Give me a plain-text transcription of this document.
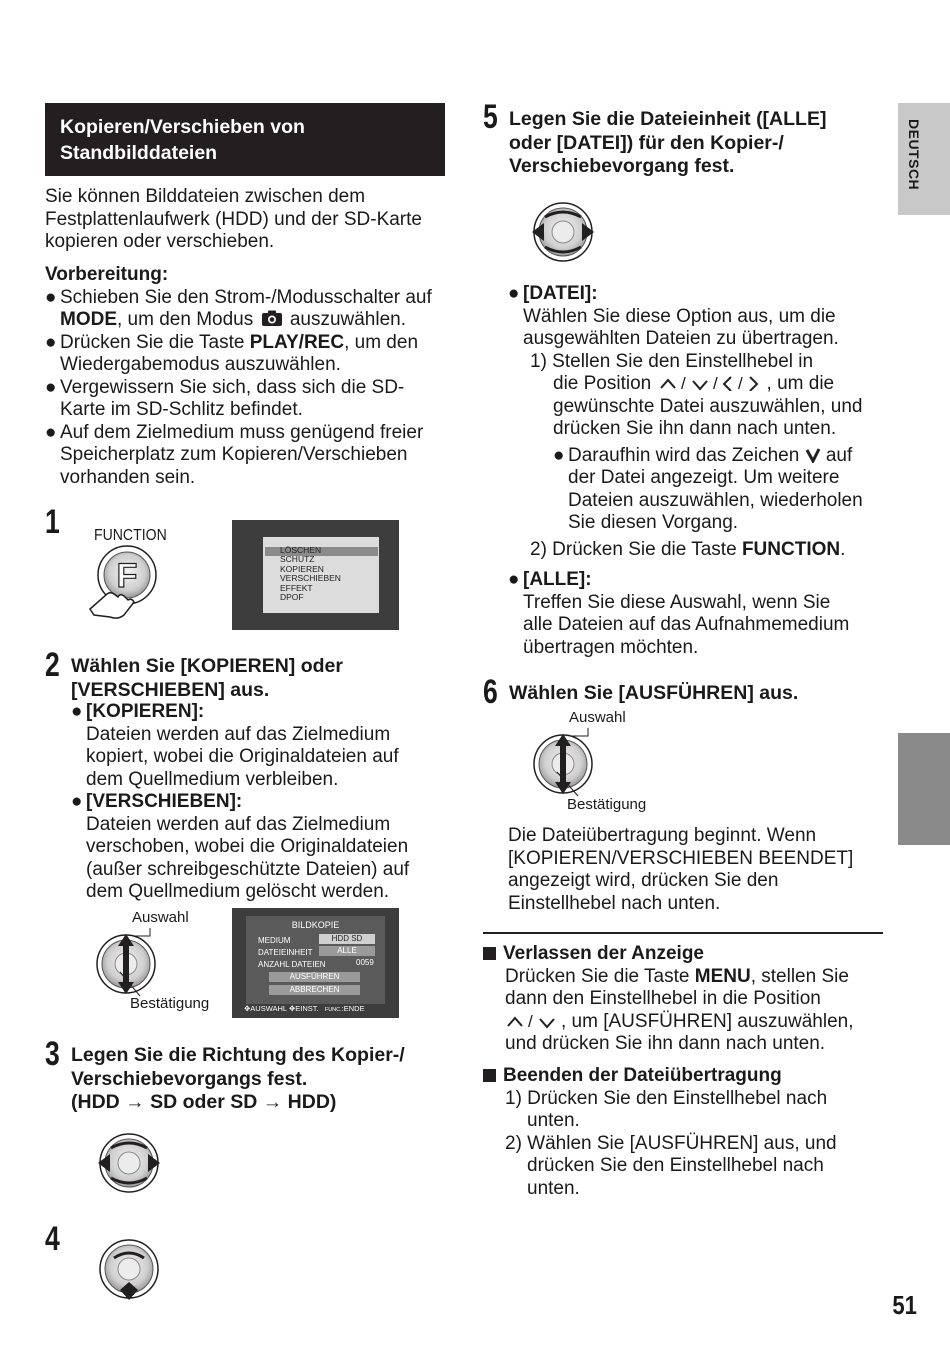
Kopieren/Verschieben von
Standbilddateien	DEUTSCH
Sie können Bilddateien zwischen dem
Festplattenlaufwerk (HDD) und der SD-Karte
kopieren oder verschieben.
Vorbereitung:
● Schieben Sie den Strom-/Modusschalter auf
MODE, um den Modus auszuwählen.
● Drücken Sie die Taste PLAY/REC, um den
Wiedergabemodus auszuwählen.
● Vergewissern Sie sich, dass sich die SD-
Karte im SD-Schlitz befindet.
● Auf dem Zielmedium muss genügend freier
Speicherplatz zum Kopieren/Verschieben
vorhanden sein.
1 FUNCTION
F
LÖSCHEN
SCHUTZ
KOPIEREN
VERSCHIEBEN
EFFEKT
DPOF
2 Wählen Sie [KOPIEREN] oder
[VERSCHIEBEN] aus.
● [KOPIEREN]:
Dateien werden auf das Zielmedium
kopiert, wobei die Originaldateien auf
dem Quellmedium verbleiben.
● [VERSCHIEBEN]:
Dateien werden auf das Zielmedium
verschoben, wobei die Originaldateien
(außer schreibgeschützte Dateien) auf
dem Quellmedium gelöscht werden.
Auswahl
Bestätigung
BILDKOPIE
MEDIUM
DATEIEINHEIT
ANZAHL DATEIEN
HDD SD
ALLE
0059
AUSFÜHREN
ABBRECHEN
✥AUSWAHL ✥EINST. FUNC.:ENDE
3 Legen Sie die Richtung des Kopier-/
Verschiebevorgangs fest.
(HDD → SD oder SD → HDD)
4
5 Legen Sie die Dateieinheit ([ALLE]
oder [DATEI]) für den Kopier-/
Verschiebevorgang fest.
● [DATEI]:
Wählen Sie diese Option aus, um die
ausgewählten Dateien zu übertragen.
1) Stellen Sie den Einstellhebel in
die Position / / / , um die
gewünschte Datei auszuwählen, und
drücken Sie ihn dann nach unten.
● Daraufhin wird das Zeichen auf
der Datei angezeigt. Um weitere
Dateien auszuwählen, wiederholen
Sie diesen Vorgang.
2) Drücken Sie die Taste FUNCTION.
● [ALLE]:
Treffen Sie diese Auswahl, wenn Sie
alle Dateien auf das Aufnahmemedium
übertragen möchten.
6 Wählen Sie [AUSFÜHREN] aus.
Auswahl
Bestätigung
Die Dateiübertragung beginnt. Wenn
[KOPIEREN/VERSCHIEBEN BEENDET]
angezeigt wird, drücken Sie den
Einstellhebel nach unten.
Verlassen der Anzeige
Drücken Sie die Taste MENU, stellen Sie
dann den Einstellhebel in die Position
/ , um [AUSFÜHREN] auszuwählen,
und drücken Sie ihn dann nach unten.
Beenden der Dateiübertragung
1) Drücken Sie den Einstellhebel nach
unten.
2) Wählen Sie [AUSFÜHREN] aus, und
drücken Sie den Einstellhebel nach
unten.
51
